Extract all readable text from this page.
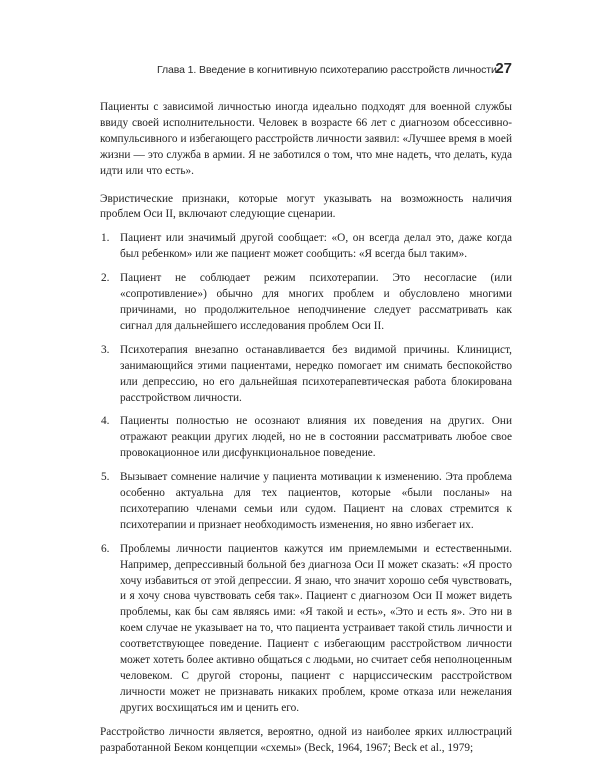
Глава 1. Введение в когнитивную психотерапию расстройств личности
27

Пациенты с зависимой личностью иногда идеально подходят для военной службы ввиду своей исполнительности. Человек в возрасте 66 лет с диагнозом обсессивно-компульсивного и избегающего расстройств личности заявил: «Лучшее время в моей жизни — это служба в армии. Я не заботился о том, что мне надеть, что делать, куда идти или что есть».

Эвристические признаки, которые могут указывать на возможность наличия проблем Оси II, включают следующие сценарии.

1. Пациент или значимый другой сообщает: «О, он всегда делал это, даже когда был ребенком» или же пациент может сообщить: «Я всегда был таким».
2. Пациент не соблюдает режим психотерапии. Это несогласие (или «сопротивление») обычно для многих проблем и обусловлено многими причинами, но продолжительное неподчинение следует рассматривать как сигнал для дальнейшего исследования проблем Оси II.
3. Психотерапия внезапно останавливается без видимой причины. Клиницист, занимающийся этими пациентами, нередко помогает им снимать беспокойство или депрессию, но его дальнейшая психотерапевтическая работа блокирована расстройством личности.
4. Пациенты полностью не осознают влияния их поведения на других. Они отражают реакции других людей, но не в состоянии рассматривать любое свое провокационное или дисфункциональное поведение.
5. Вызывает сомнение наличие у пациента мотивации к изменению. Эта проблема особенно актуальна для тех пациентов, которые «были посланы» на психотерапию членами семьи или судом. Пациент на словах стремится к психотерапии и признает необходимость изменения, но явно избегает их.
6. Проблемы личности пациентов кажутся им приемлемыми и естественными. Например, депрессивный больной без диагноза Оси II может сказать: «Я просто хочу избавиться от этой депрессии. Я знаю, что значит хорошо себя чувствовать, и я хочу снова чувствовать себя так». Пациент с диагнозом Оси II может видеть проблемы, как бы сам являясь ими: «Я такой и есть», «Это и есть я». Это ни в коем случае не указывает на то, что пациента устраивает такой стиль личности и соответствующее поведение. Пациент с избегающим расстройством личности может хотеть более активно общаться с людьми, но считает себя неполноценным человеком. С другой стороны, пациент с нарциссическим расстройством личности может не признавать никаких проблем, кроме отказа или нежелания других восхищаться им и ценить его.

Расстройство личности является, вероятно, одной из наиболее ярких иллюстраций разработанной Беком концепции «схемы» (Beck, 1964, 1967; Beck et al., 1979;
